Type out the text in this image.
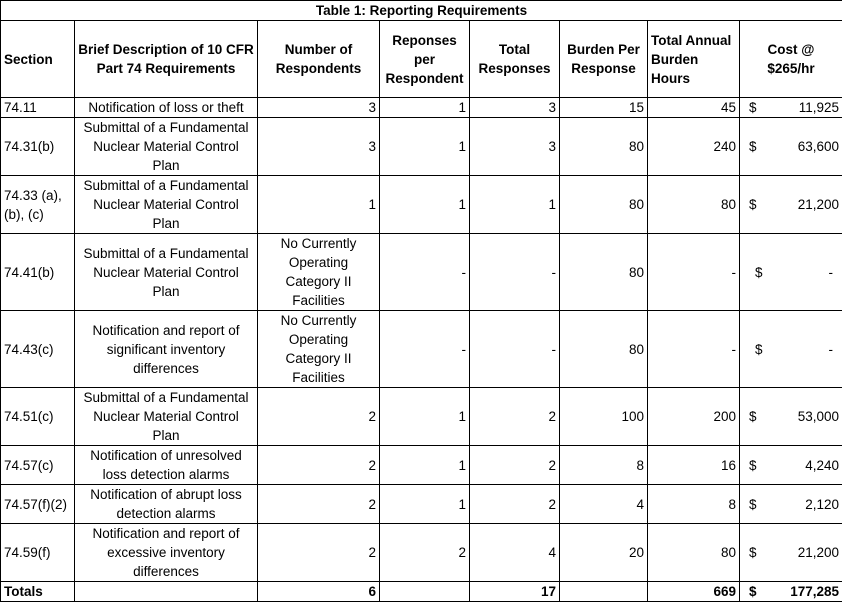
Table 1: Reporting Requirements							
Section	Brief Description of 10 CFR Part 74 Requirements	Number of Respondents	Reponses per Respondent	Total Responses	Burden Per Response	Total Annual Burden Hours	Cost @ $265/hr
74.11	Notification of loss or theft	3	1	3	15	45	$ 11,925

74.31(b)	Submittal of a Fundamental Nuclear Material Control Plan	3	1	3	80	240	$ 63,600

74.33 (a),(b), (c)	Submittal of a Fundamental Nuclear Material Control Plan	1	1	1	80	80	$ 21,200

74.41(b)	Submittal of a Fundamental Nuclear Material Control Plan	No Currently Operating Category II Facilities	-	-	80	-	$ -

74.43(c)	Notification and report of significant inventory differences	No Currently Operating Category II Facilities	-	-	80	-	$ -

74.51(c)	Submittal of a Fundamental Nuclear Material Control Plan	2	1	2	100	200	$ 53,000

74.57(c)	Notification of unresolved loss detection alarms	2	1	2	8	16	$ 4,240

74.57(f)(2)	Notification of abrupt loss detection alarms	2	1	2	4	8	$ 2,120

74.59(f)	Notification and report of excessive inventory differences	2	2	4	20	80	$ 21,200

Totals		6		17		669	$ 177,285
